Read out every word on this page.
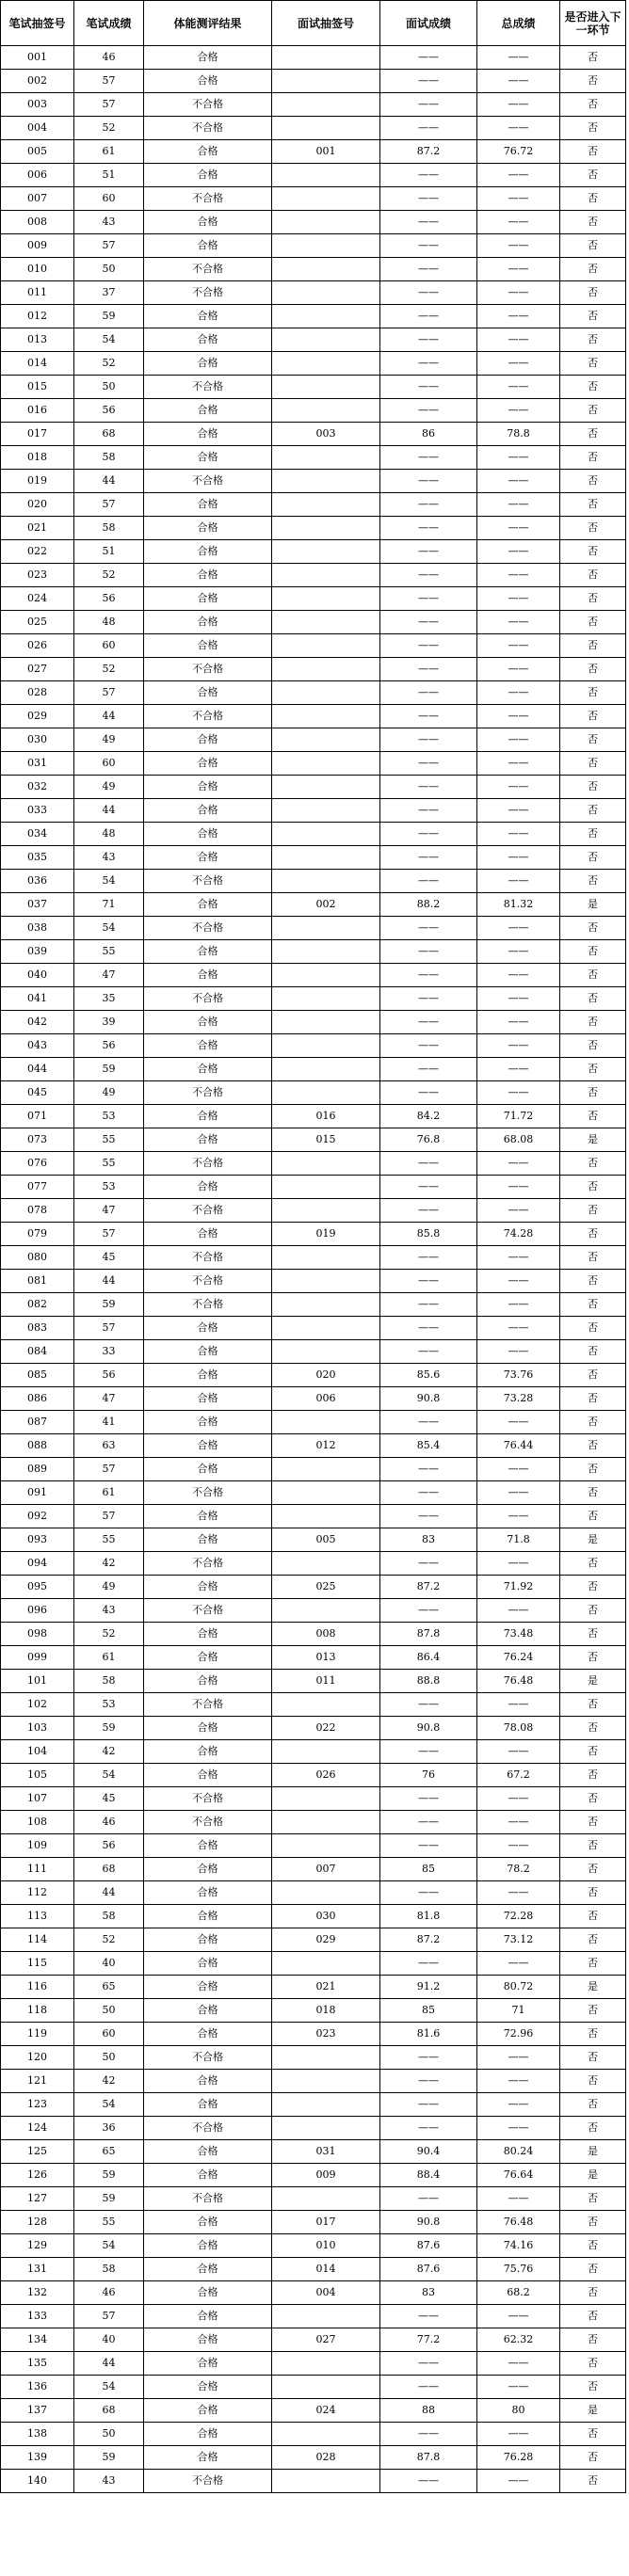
笔试抽签号	笔试成绩	体能测评结果	面试抽签号	面试成绩	总成绩	是否进入下一环节
001	46	合格		——	——	否
002	57	合格		——	——	否
003	57	不合格		——	——	否
004	52	不合格		——	——	否
005	61	合格	001	87.2	76.72	否
006	51	合格		——	——	否
007	60	不合格		——	——	否
008	43	合格		——	——	否
009	57	合格		——	——	否
010	50	不合格		——	——	否
011	37	不合格		——	——	否
012	59	合格		——	——	否
013	54	合格		——	——	否
014	52	合格		——	——	否
015	50	不合格		——	——	否
016	56	合格		——	——	否
017	68	合格	003	86	78.8	否
018	58	合格		——	——	否
019	44	不合格		——	——	否
020	57	合格		——	——	否
021	58	合格		——	——	否
022	51	合格		——	——	否
023	52	合格		——	——	否
024	56	合格		——	——	否
025	48	合格		——	——	否
026	60	合格		——	——	否
027	52	不合格		——	——	否
028	57	合格		——	——	否
029	44	不合格		——	——	否
030	49	合格		——	——	否
031	60	合格		——	——	否
032	49	合格		——	——	否
033	44	合格		——	——	否
034	48	合格		——	——	否
035	43	合格		——	——	否
036	54	不合格		——	——	否
037	71	合格	002	88.2	81.32	是
038	54	不合格		——	——	否
039	55	合格		——	——	否
040	47	合格		——	——	否
041	35	不合格		——	——	否
042	39	合格		——	——	否
043	56	合格		——	——	否
044	59	合格		——	——	否
045	49	不合格		——	——	否
071	53	合格	016	84.2	71.72	否
073	55	合格	015	76.8	68.08	是
076	55	不合格		——	——	否
077	53	合格		——	——	否
078	47	不合格		——	——	否
079	57	合格	019	85.8	74.28	否
080	45	不合格		——	——	否
081	44	不合格		——	——	否
082	59	不合格		——	——	否
083	57	合格		——	——	否
084	33	合格		——	——	否
085	56	合格	020	85.6	73.76	否
086	47	合格	006	90.8	73.28	否
087	41	合格		——	——	否
088	63	合格	012	85.4	76.44	否
089	57	合格		——	——	否
091	61	不合格		——	——	否
092	57	合格		——	——	否
093	55	合格	005	83	71.8	是
094	42	不合格		——	——	否
095	49	合格	025	87.2	71.92	否
096	43	不合格		——	——	否
098	52	合格	008	87.8	73.48	否
099	61	合格	013	86.4	76.24	否
101	58	合格	011	88.8	76.48	是
102	53	不合格		——	——	否
103	59	合格	022	90.8	78.08	否
104	42	合格		——	——	否
105	54	合格	026	76	67.2	否
107	45	不合格		——	——	否
108	46	不合格		——	——	否
109	56	合格		——	——	否
111	68	合格	007	85	78.2	否
112	44	合格		——	——	否
113	58	合格	030	81.8	72.28	否
114	52	合格	029	87.2	73.12	否
115	40	合格		——	——	否
116	65	合格	021	91.2	80.72	是
118	50	合格	018	85	71	否
119	60	合格	023	81.6	72.96	否
120	50	不合格		——	——	否
121	42	合格		——	——	否
123	54	合格		——	——	否
124	36	不合格		——	——	否
125	65	合格	031	90.4	80.24	是
126	59	合格	009	88.4	76.64	是
127	59	不合格		——	——	否
128	55	合格	017	90.8	76.48	否
129	54	合格	010	87.6	74.16	否
131	58	合格	014	87.6	75.76	否
132	46	合格	004	83	68.2	否
133	57	合格		——	——	否
134	40	合格	027	77.2	62.32	否
135	44	合格		——	——	否
136	54	合格		——	——	否
137	68	合格	024	88	80	是
138	50	合格		——	——	否
139	59	合格	028	87.8	76.28	否
140	43	不合格		——	——	否
